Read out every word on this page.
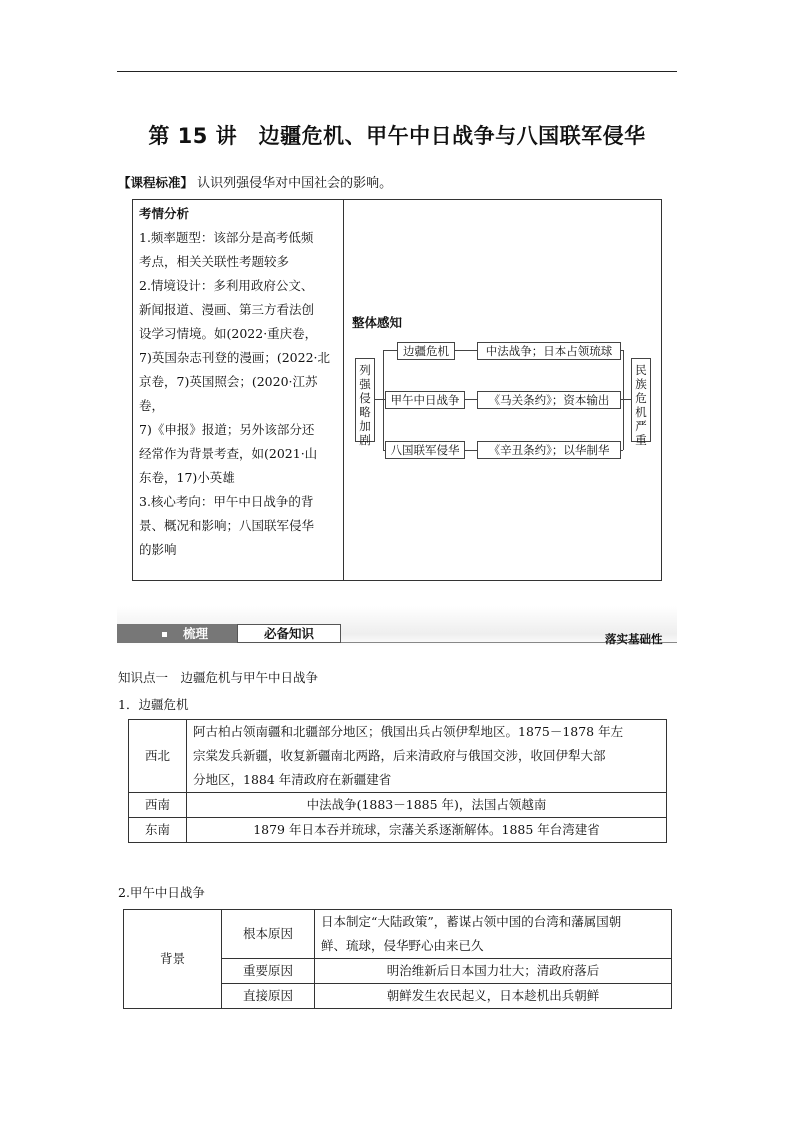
第 15 讲　边疆危机、甲午中日战争与八国联军侵华
【课程标准】 认识列强侵华对中国社会的影响。
考情分析
1.频率题型：该部分是高考低频
考点，相关关联性考题较多
2.情境设计：多利用政府公文、
新闻报道、漫画、第三方看法创
设学习情境。如(2022·重庆卷，
7)英国杂志刊登的漫画；(2022·北
京卷，7)英国照会；(2020·江苏卷，
7)《申报》报道；另外该部分还
经常作为背景考查，如(2021·山
东卷，17)小英雄
3.核心考向：甲午中日战争的背
景、概况和影响；八国联军侵华
的影响
整体感知
列强侵略加剧
民族危机严重
边疆危机	中法战争；日本占领琉球
甲午中日战争	《马关条约》；资本输出
八国联军侵华	《辛丑条约》；以华制华
梳理	必备知识	落实基础性
知识点一　边疆危机与甲午中日战争
1．边疆危机
西北	阿古柏占领南疆和北疆部分地区；俄国出兵占领伊犁地区。1875－1878 年左
宗棠发兵新疆，收复新疆南北两路，后来清政府与俄国交涉，收回伊犁大部
分地区，1884 年清政府在新疆建省

西南	中法战争(1883－1885 年)，法国占领越南
东南	1879 年日本吞并琉球，宗藩关系逐渐解体。1885 年台湾建省
2.甲午中日战争
背景	根本原因	日本制定“大陆政策”，蓄谋占领中国的台湾和藩属国朝
鲜、琉球，侵华野心由来已久

	重要原因	明治维新后日本国力壮大；清政府落后
	直接原因	朝鲜发生农民起义，日本趁机出兵朝鲜
